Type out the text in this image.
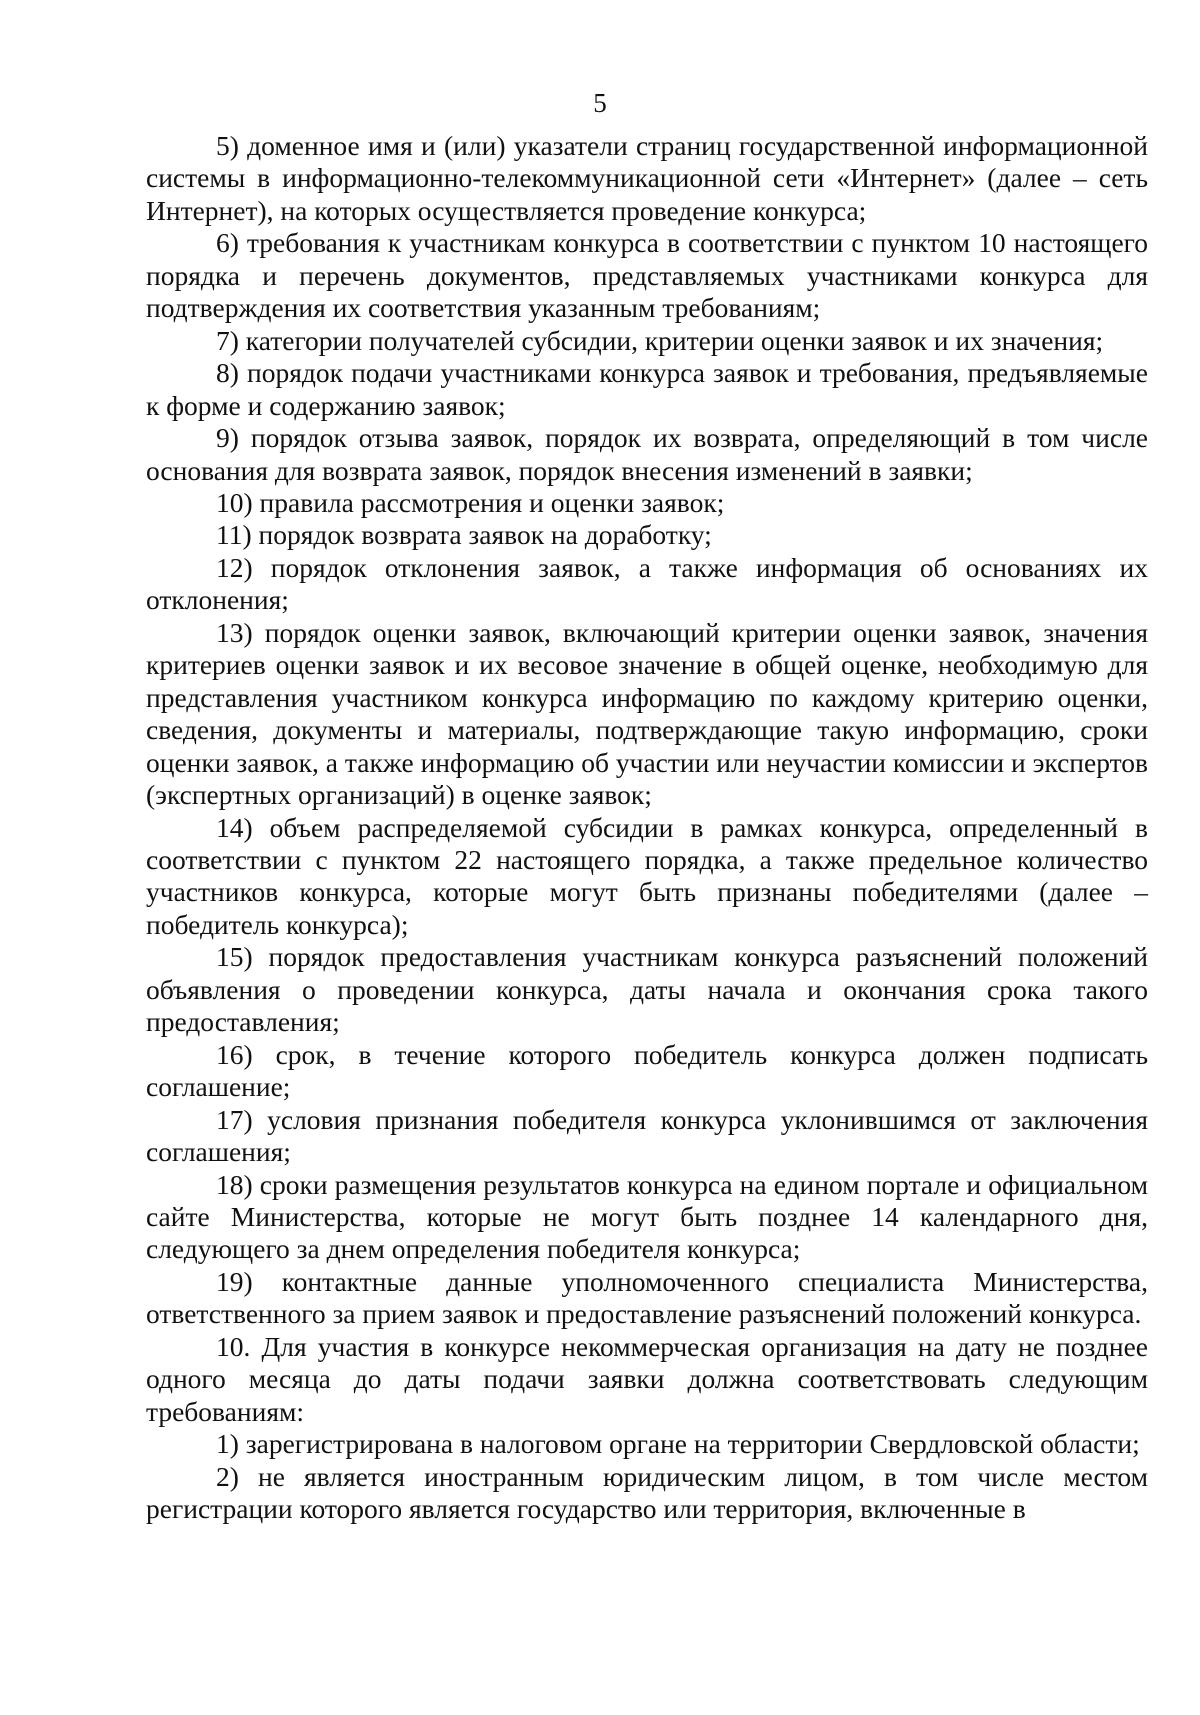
5

5) доменное имя и (или) указатели страниц государственной информационной системы в информационно-телекоммуникационной сети «Интернет» (далее – сеть Интернет), на которых осуществляется проведение конкурса;

6) требования к участникам конкурса в соответствии с пунктом 10 настоящего порядка и перечень документов, представляемых участниками конкурса для подтверждения их соответствия указанным требованиям;

7) категории получателей субсидии, критерии оценки заявок и их значения;

8) порядок подачи участниками конкурса заявок и требования, предъявляемые к форме и содержанию заявок;

9) порядок отзыва заявок, порядок их возврата, определяющий в том числе основания для возврата заявок, порядок внесения изменений в заявки;

10) правила рассмотрения и оценки заявок;

11) порядок возврата заявок на доработку;

12) порядок отклонения заявок, а также информация об основаниях их отклонения;

13) порядок оценки заявок, включающий критерии оценки заявок, значения критериев оценки заявок и их весовое значение в общей оценке, необходимую для представления участником конкурса информацию по каждому критерию оценки, сведения, документы и материалы, подтверждающие такую информацию, сроки оценки заявок, а также информацию об участии или неучастии комиссии и экспертов (экспертных организаций) в оценке заявок;

14) объем распределяемой субсидии в рамках конкурса, определенный в соответствии с пунктом 22 настоящего порядка, а также предельное количество участников конкурса, которые могут быть признаны победителями (далее – победитель конкурса);

15) порядок предоставления участникам конкурса разъяснений положений объявления о проведении конкурса, даты начала и окончания срока такого предоставления;

16) срок, в течение которого победитель конкурса должен подписать соглашение;

17) условия признания победителя конкурса уклонившимся от заключения соглашения;

18) сроки размещения результатов конкурса на едином портале и официальном сайте Министерства, которые не могут быть позднее 14 календарного дня, следующего за днем определения победителя конкурса;

19) контактные данные уполномоченного специалиста Министерства, ответственного за прием заявок и предоставление разъяснений положений конкурса.

10. Для участия в конкурсе некоммерческая организация на дату не позднее одного месяца до даты подачи заявки должна соответствовать следующим требованиям:

1) зарегистрирована в налоговом органе на территории Свердловской области;

2) не является иностранным юридическим лицом, в том числе местом регистрации которого является государство или территория, включенные в
